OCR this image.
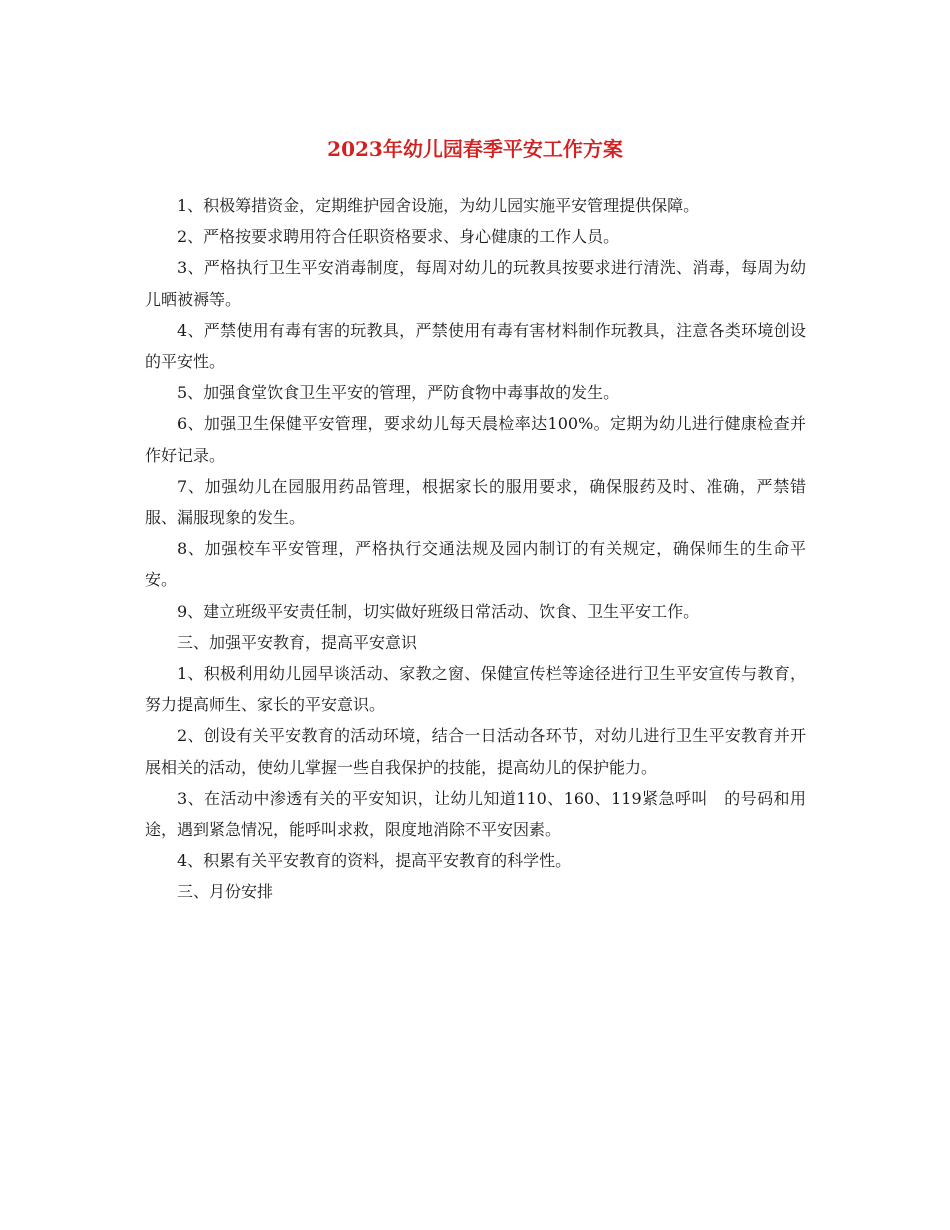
2023年幼儿园春季平安工作方案

1、积极筹措资金，定期维护园舍设施，为幼儿园实施平安管理提供保障。

2、严格按要求聘用符合任职资格要求、身心健康的工作人员。

3、严格执行卫生平安消毒制度，每周对幼儿的玩教具按要求进行清洗、消毒，每周为幼儿晒被褥等。

4、严禁使用有毒有害的玩教具，严禁使用有毒有害材料制作玩教具，注意各类环境创设的平安性。

5、加强食堂饮食卫生平安的管理，严防食物中毒事故的发生。

6、加强卫生保健平安管理，要求幼儿每天晨检率达100%。定期为幼儿进行健康检查并作好记录。

7、加强幼儿在园服用药品管理，根据家长的服用要求，确保服药及时、准确，严禁错服、漏服现象的发生。

8、加强校车平安管理，严格执行交通法规及园内制订的有关规定，确保师生的生命平安。

9、建立班级平安责任制，切实做好班级日常活动、饮食、卫生平安工作。

三、加强平安教育，提高平安意识

1、积极利用幼儿园早谈活动、家教之窗、保健宣传栏等途径进行卫生平安宣传与教育，努力提高师生、家长的平安意识。

2、创设有关平安教育的活动环境，结合一日活动各环节，对幼儿进行卫生平安教育并开展相关的活动，使幼儿掌握一些自我保护的技能，提高幼儿的保护能力。

3、在活动中渗透有关的平安知识，让幼儿知道110、160、119紧急呼叫　的号码和用途，遇到紧急情况，能呼叫求救，限度地消除不平安因素。

4、积累有关平安教育的资料，提高平安教育的科学性。

三、月份安排
